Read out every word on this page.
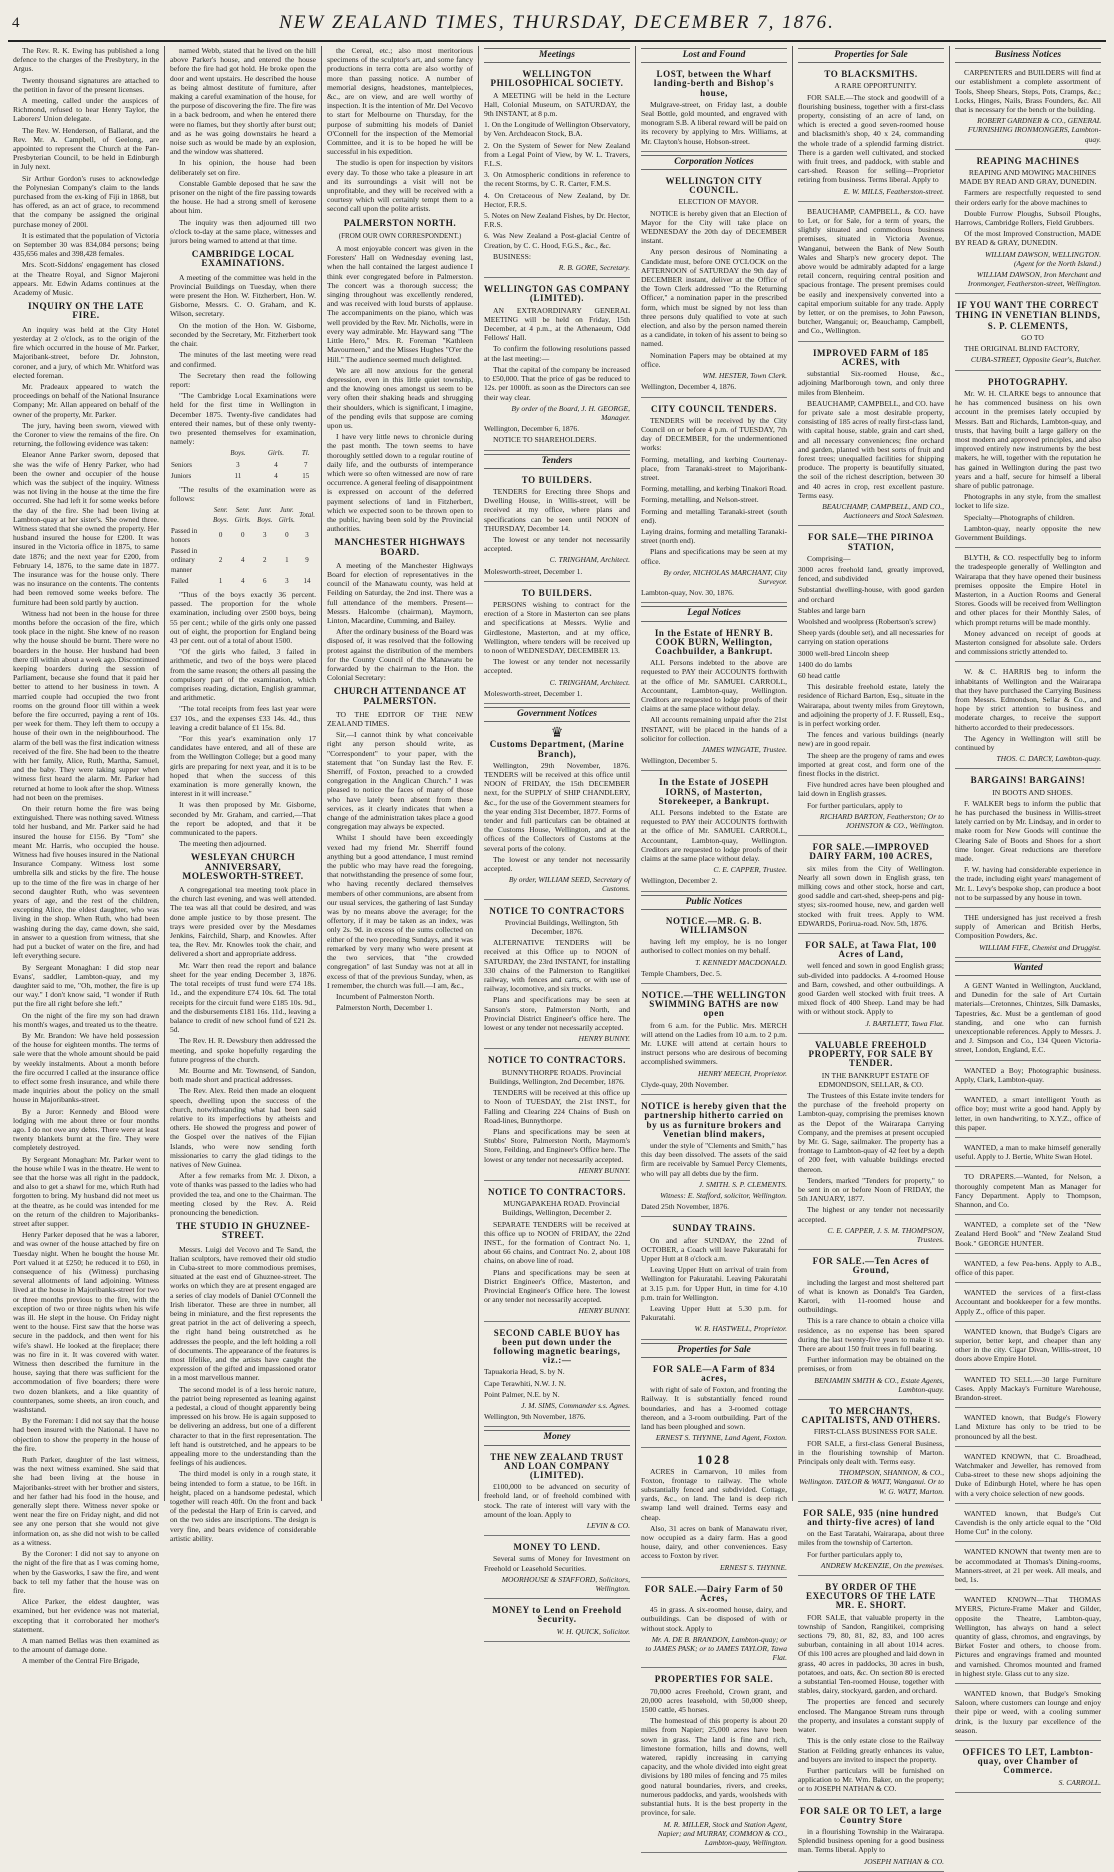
4	NEW ZEALAND TIMES, THURSDAY, DECEMBER 7, 1876.

The Rev. R. K. Ewing has published a long defence to the charges of the Presbytery, in the Argus.

Twenty thousand signatures are attached to the petition in favor of the present licenses.

A meeting, called under the auspices of Richmond, refused to hear Henry Taylor, the Laborers' Union delegate.

The Rev. W. Henderson, of Ballarat, and the Rev. Mr. A. Campbell, of Geelong, are appointed to represent the Church at the Pan-Presbyterian Council, to be held in Edinburgh in July next.

Sir Arthur Gordon's ruses to acknowledge the Polynesian Company's claim to the lands purchased from the ex-king of Fiji in 1868, but has offered, as an act of grace, to recommend that the company be assigned the original purchase money of 200l.

It is estimated that the population of Victoria on September 30 was 834,084 persons; being 435,656 males and 398,428 females.

Mrs. Scott-Siddons' engagement has closed at the Theatre Royal, and Signor Majeroni appears. Mr. Edwin Adams continues at the Academy of Music.

INQUIRY ON THE LATE FIRE.

An inquiry was held at the City Hotel yesterday at 2 o'clock, as to the origin of the fire which occurred in the house of Mr. Parker, Majoribank-street, before Dr. Johnston, coroner, and a jury, of which Mr. Whitford was elected foreman.

Mr. Pradeaux appeared to watch the proceedings on behalf of the National Insurance Company; Mr. Allan appeared on behalf of the owner of the property, Mr. Parker.

The jury, having been sworn, viewed with the Coroner to view the remains of the fire. On returning, the following evidence was taken:

Eleanor Anne Parker sworn, deposed that she was the wife of Henry Parker, who had been the owner and occupier of the house which was the subject of the inquiry. Witness was not living in the house at the time the fire occurred. She had left it for some weeks before the day of the fire. She had been living at Lambton-quay at her sister's. She owned three. Witness stated that she owned the property. Her husband insured the house for £200. It was insured in the Victoria office in 1875, to same date 1876; and the next year for £200, from February 14, 1876, to the same date in 1877. The insurance was for the house only. There was no insurance on the contents. The contents had been removed some weeks before. The furniture had been sold partly by auction.

Witness had not been in the house for three months before the occasion of the fire, which took place in the night. She knew of no reason why the house should be burnt. There were no boarders in the house. Her husband had been there till within about a week ago. Discontinued keeping boarders during the session of Parliament, because she found that it paid her better to attend to her business in town. A married couple had occupied the two front rooms on the ground floor till within a week before the fire occurred, paying a rent of 10s. per week for them. They left them to occupy a house of their own in the neighbourhood. The alarm of the bell was the first indication witness received of the fire. She had been to the theatre with her family, Alice, Ruth, Martha, Samuel, and the baby. They were taking supper when witness first heard the alarm. Mr. Parker had returned at home to look after the shop. Witness had not been on the premises.

On their return home the fire was being extinguished. There was nothing saved. Witness told her husband, and Mr. Parker said he had insured the house for £156. By "Tom" she meant Mr. Harris, who occupied the house. Witness had five houses insured in the National Insurance Company. Witness lost some umbrella silk and sticks by the fire. The house up to the time of the fire was in charge of her second daughter Ruth, who was seventeen years of age, and the rest of the children, excepting Alice, the eldest daughter, who was living in the shop. When Ruth, who had been washing during the day, came down, she said, in answer to a question from witness, that she had put a bucket of water on the fire, and had left everything secure.

By Sergeant Monaghan: I did stop near Evans', saddler, Lambton-quay, and my daughter said to me, "Oh, mother, the fire is up our way." I don't know said, "I wonder if Ruth put the fire all right before she left."

On the night of the fire my son had drawn his month's wages, and treated us to the theatre.

By Mr. Brandon: We have held possession of the house for eighteen months. The terms of sale were that the whole amount should be paid by weekly instalments. About a month before the fire occurred I called at the insurance office to effect some fresh insurance, and while there made inquiries about the policy on the small house in Majoribanks-street.

By a Juror: Kennedy and Blood were lodging with me about three or four months ago. I do not owe any debts. There were at least twenty blankets burnt at the fire. They were completely destroyed.

By Sergeant Monaghan: Mr. Parker went to the house while I was in the theatre. He went to see that the horse was all right in the paddock, and also to get a shawl for me, which Ruth had forgotten to bring. My husband did not meet us at the theatre, as he could was intended for me on the return of the children to Majoribanks-street after supper.

Henry Parker deposed that he was a laborer, and was owner of the house attached by fire on Tuesday night. When he bought the house Mr. Port valued it at £250; he reduced it to £60, in consequence of his (Witness) purchasing several allotments of land adjoining. Witness lived at the house in Majoribanks-street for two or three months previous to the fire, with the exception of two or three nights when his wife was ill. He slept in the house. On Friday night went to the house. First saw that the horse was secure in the paddock, and then went for his wife's shawl. He looked at the fireplace; there was no fire in it. It was covered with water. Witness then described the furniture in the house, saying that there was sufficient for the accommodation of five boarders; there were two dozen blankets, and a like quantity of counterpanes, some sheets, an iron couch, and washstand.

By the Foreman: I did not say that the house had been insured with the National. I have no objection to show the property in the house of the fire.

Ruth Parker, daughter of the last witness, was the next witness examined. She said that she had been living at the house in Majoribanks-street with her brother and sisters, and her father had his food in the house, and generally slept there. Witness never spoke or went near the fire on Friday night, and did not see any one person that she would not give information on, as she did not wish to be called as a witness.

By the Coroner: I did not say to anyone on the night of the fire that as I was coming home, when by the Gasworks, I saw the fire, and went back to tell my father that the house was on fire.

Alice Parker, the eldest daughter, was examined, but her evidence was not material, excepting that it corroborated her mother's statement.

A man named Bellas was then examined as to the amount of damage done.

A member of the Central Fire Brigade,

named Webb, stated that he lived on the hill above Parker's house, and entered the house before the fire had got hold. He broke open the door and went upstairs. He described the house as being almost destitute of furniture, after making a careful examination of the house, for the purpose of discovering the fire. The fire was in a back bedroom, and when he entered there were no flames, but they shortly after burst out; and as he was going downstairs he heard a noise such as would be made by an explosion, and the window was shattered.

In his opinion, the house had been deliberately set on fire.

Constable Gamble deposed that he saw the prisoner on the night of the fire passing towards the house. He had a strong smell of kerosene about him.

The inquiry was then adjourned till two o'clock to-day at the same place, witnesses and jurors being warned to attend at that time.

CAMBRIDGE LOCAL EXAMINATIONS.

A meeting of the committee was held in the Provincial Buildings on Tuesday, when there were present the Hon. W. Fitzherbert, Hon. W. Gisborne, Messrs. C. O. Graham, and K. Wilson, secretary.

On the motion of the Hon. W. Gisborne, seconded by the Secretary, Mr. Fitzherbert took the chair.

The minutes of the last meeting were read and confirmed.

The Secretary then read the following report:

"The Cambridge Local Examinations were held for the first time in Wellington in December 1875. Twenty-five candidates had entered their names, but of these only twenty-two presented themselves for examination, namely:

	Boys.	Girls.	Tl.
Seniors	3	4	7
Juniors	11	4	15

"The results of the examination were as follows:

	Senr. Boys.	Senr. Girls.	Junr. Boys.	Junr. Girls.	Total.
Passed in honors	0	0	3	0	3
Passed in ordinary manner	2	4	2	1	9
Failed	1	4	6	3	14

"Thus of the boys exactly 36 percent. passed. The proportion for the whole examination, including over 2500 boys, being 55 per cent.; while of the girls only one passed out of eight, the proportion for England being 43 per cent. out of a total of about 1500.

"Of the girls who failed, 3 failed in arithmetic, and two of the boys were placed from the same reason; the others all passing the compulsory part of the examination, which comprises reading, dictation, English grammar, and arithmetic.

"The total receipts from fees last year were £37 10s., and the expenses £33 14s. 4d., thus leaving a credit balance of £1 15s. 8d.

"For this year's examination only 17 candidates have entered, and all of these are from the Wellington College; but a good many girls are preparing for next year, and it is to be hoped that when the success of this examination is more generally known, the interest in it will increase."

It was then proposed by Mr. Gisborne, seconded by Mr. Graham, and carried,—That the report be adopted, and that it be communicated to the papers.

The meeting then adjourned.

WESLEYAN CHURCH ANNIVERSARY, MOLESWORTH-STREET.

A congregational tea meeting took place in the church last evening, and was well attended. The tea was all that could be desired, and was done ample justice to by those present. The trays were presided over by the Mesdames Jenkins, Fairchild, Sharp, and Knowles. After tea, the Rev. Mr. Knowles took the chair, and delivered a short and appropriate address.

Mr. Warr then read the report and balance sheet for the year ending December 3, 1876. The total receipts of trust fund were £74 18s. 1d., and the expenditure £74 10s. 6d. The total receipts for the circuit fund were £185 10s. 9d., and the disbursements £181 16s. 11d., leaving a balance to credit of new school fund of £21 2s. 5d.

The Rev. H. R. Dewsbury then addressed the meeting, and spoke hopefully regarding the future progress of the church.

Mr. Bourne and Mr. Townsend, of Sandon, both made short and practical addresses.

The Rev. Alex. Reid then made an eloquent speech, dwelling upon the success of the church, notwithstanding what had been said relative to its imperfections by atheists and others. He showed the progress and power of the Gospel over the natives of the Fijian Islands, who were now sending forth missionaries to carry the glad tidings to the natives of New Guinea.

After a few remarks from Mr. J. Dixon, a vote of thanks was passed to the ladies who had provided the tea, and one to the Chairman. The meeting closed by the Rev. A. Reid pronouncing the benediction.

THE STUDIO IN GHUZNEE-STREET.

Messrs. Luigi del Vecovo and Te Sand, the Italian sculptors, have removed their old studio in Cuba-street to more commodious premises, situated at the east end of Ghuznee-street. The works on which they are at present engaged are a series of clay models of Daniel O'Connell the Irish liberator. These are three in number, all being in miniature, and the first represents the great patriot in the act of delivering a speech, the right hand being outstretched as he addresses the people, and the left holding a roll of documents. The appearance of the features is most lifelike, and the artists have caught the expression of the gifted and impassioned orator in a most marvellous manner.

The second model is of a less heroic nature, the patriot being represented as leaning against a pedestal, a cloud of thought apparently being impressed on his brow. He is again supposed to be delivering an address, but one of a different character to that in the first representation. The left hand is outstretched, and he appears to be appealing more to the understanding than the feelings of his audiences.

The third model is only in a rough state, it being intended to form a statue, to be 16ft. in height, placed on a handsome pedestal, which together will reach 40ft. On the front and back of the pedestal the Harp of Erin is carved, and on the two sides are inscriptions. The design is very fine, and bears evidence of considerable artistic ability.

the Cereal, etc.; also most meritorious specimens of the sculptor's art, and some fancy productions in terra cotta are also worthy of more than passing notice. A number of memorial designs, headstones, mantelpieces, &c., are on view, and are well worthy of inspection. It is the intention of Mr. Del Vecovo to start for Melbourne on Thursday, for the purpose of submitting his models of Daniel O'Connell for the inspection of the Memorial Committee, and it is to be hoped he will be successful in his expedition.

The studio is open for inspection by visitors every day. To those who take a pleasure in art and its surroundings a visit will not be unprofitable, and they will be received with a courtesy which will certainly tempt them to a second call upon the polite artists.

PALMERSTON NORTH.
(FROM OUR OWN CORRESPONDENT.)

A most enjoyable concert was given in the Foresters' Hall on Wednesday evening last, when the hall contained the largest audience I think ever congregated before in Palmerston. The concert was a thorough success; the singing throughout was excellently rendered, and was received with loud bursts of applause. The accompaniments on the piano, which was well provided by the Rev. Mr. Nicholls, were in every way admirable. Mr. Hayward sang "The Little Hero," Mrs. R. Foreman "Kathleen Mavourneen," and the Misses Hughes "O'er the Hill." The audience seemed much delighted.

We are all now anxious for the general depression, even in this little quiet township, and the knowing ones amongst us seem to be very often their shaking heads and shrugging their shoulders, which is significant, I imagine, of the pending evils that suppose are coming upon us.

I have very little news to chronicle during the past month. The town seems to have thoroughly settled down to a regular routine of daily life, and the outbursts of intemperance which were so often witnessed are now of rare occurrence. A general feeling of disappointment is expressed on account of the deferred payment selections of land in Fitzherbert, which we expected soon to be thrown open to the public, having been sold by the Provincial authorities.

MANCHESTER HIGHWAYS BOARD.

A meeting of the Manchester Highways Board for election of representatives in the council of the Manawatu county, was held at Feilding on Saturday, the 2nd inst. There was a full attendance of the members. Present—Messrs. Halcombe (chairman), Maymorn, Linton, Macardine, Cumming, and Bailey.

After the ordinary business of the Board was disposed of, it was resolved that the following protest against the distribution of the members for the County Council of the Manawatu be forwarded by the chairman to the Hon. the Colonial Secretary:

CHURCH ATTENDANCE AT PALMERSTON.

TO THE EDITOR OF THE NEW ZEALAND TIMES.

Sir,—I cannot think by what conceivable right any person should write, as "Correspondent" to your paper, with the statement that "on Sunday last the Rev. F. Sherriff, of Foxton, preached to a crowded congregation in the Anglican Church." I was pleased to notice the faces of many of those who have lately been absent from these services, as it clearly indicates that when a change of the administration takes place a good congregation may always be expected.

Whilst I should have been exceedingly vexed had my friend Mr. Sherriff found anything but a good attendance, I must remind the public who may have read the foregoing, that notwithstanding the presence of some four, who having recently declared themselves members of other communions, are absent from our usual services, the gathering of last Sunday was by no means above the average; for the offertory, if it may be taken as an index, was only 2s. 9d. in excess of the sums collected on either of the two preceding Sundays, and it was remarked by very many who were present at the two services, that "the crowded congregation" of last Sunday was not at all in excess of that of the previous Sunday, when, as I remember, the church was full.—I am, &c.,

Incumbent of Palmerston North.

Palmerston North, December 1.

Meetings
WELLINGTON PHILOSOPHICAL SOCIETY.

A MEETING will be held in the Lecture Hall, Colonial Museum, on SATURDAY, the 9th INSTANT, at 8 p.m.

1. On the Longitude of Wellington Observatory, by Ven. Archdeacon Stock, B.A.

2. On the System of Sewer for New Zealand from a Legal Point of View, by W. L. Travers, F.L.S.

3. On Atmospheric conditions in reference to the recent Storms, by C. R. Carter, F.M.S.

4. On Cretaceous of New Zealand, by Dr. Hector, F.R.S.

5. Notes on New Zealand Fishes, by Dr. Hector, F.R.S.

6. Was New Zealand a Post-glacial Centre of Creation, by C. C. Hood, F.G.S., &c., &c.

BUSINESS:

R. B. GORE, Secretary.

WELLINGTON GAS COMPANY (LIMITED).

AN EXTRAORDINARY GENERAL MEETING will be held on Friday, 15th December, at 4 p.m., at the Athenaeum, Odd Fellows' Hall.

To confirm the following resolutions passed at the last meeting:—

That the capital of the company be increased to £50,000. That the price of gas be reduced to 12s. per 1000ft. as soon as the Directors can see their way clear.

By order of the Board, J. H. GEORGE, Manager.

Wellington, December 6, 1876.

NOTICE TO SHAREHOLDERS.

Tenders
TO BUILDERS.

TENDERS for Erecting three Shops and Dwelling House, in Willis-street, will be received at my office, where plans and specifications can be seen until NOON of THURSDAY, December 14.

The lowest or any tender not necessarily accepted.

C. TRINGHAM, Architect.

Molesworth-street, December 1.

TO BUILDERS.

PERSONS wishing to contract for the erection of a Store in Masterton can see plans and specifications at Messrs. Wylie and Girdlestone, Masterton, and at my office, Wellington, where tenders will be received up to noon of WEDNESDAY, DECEMBER 13.

The lowest or any tender not necessarily accepted.

C. TRINGHAM, Architect.

Molesworth-street, December 1.

Government Notices
♛
Customs Department, (Marine Branch),

Wellington, 29th November, 1876. TENDERS will be received at this office until NOON of FRIDAY, the 15th DECEMBER next, for the SUPPLY of SHIP CHANDLERY, &c., for the use of the Government steamers for the year ending 31st December, 1877. Forms of tender and full particulars can be obtained at the Customs House, Wellington, and at the offices of the Collectors of Customs at the several ports of the colony.

The lowest or any tender not necessarily accepted.

By order, WILLIAM SEED, Secretary of Customs.

NOTICE TO CONTRACTORS

Provincial Buildings, Wellington, 5th December, 1876.

ALTERNATIVE TENDERS will be received at this Office up to NOON of SATURDAY, the 23rd INSTANT, for installing 330 chains of the Palmerston to Rangitikei railway, with fences and carts, or with use of railway, locomotive, and six trucks.

Plans and specifications may be seen at Sanson's store, Palmerston North, and Provincial District Engineer's office here. The lowest or any tender not necessarily accepted.

HENRY BUNNY.

NOTICE TO CONTRACTORS.

BUNNYTHORPE ROADS. Provincial Buildings, Wellington, 2nd December, 1876.

TENDERS will be received at this office up to Noon of TUESDAY, the 21st INST., for Falling and Clearing 224 Chains of Bush on Road-lines, Bunnythorpe.

Plans and specifications may be seen at Stubbs' Store, Palmerston North, Maymorn's Store, Feilding, and Engineer's Office here. The lowest or any tender not necessarily accepted.

HENRY BUNNY.

NOTICE TO CONTRACTORS.

MUNGAPAKEHA ROAD. Provincial Buildings, Wellington, December 2.

SEPARATE TENDERS will be received at this office up to NOON of FRIDAY, the 22nd INST., for the formation of Contract No. 1, about 66 chains, and Contract No. 2, about 108 chains, on above line of road.

Plans and specifications may be seen at District Engineer's Office, Masterton, and Provincial Engineer's Office here. The lowest or any tender not necessarily accepted.

HENRY BUNNY.

SECOND CABLE BUOY has been put down under the following magnetic bearings, viz.:—

Tapuakoria Head, S. by N.

Cape Terawhiti, N.W. J. N.

Point Palmer, N.E. by N.

J. M. SIMS, Commander s.s. Agnes.

Wellington, 9th November, 1876.

Money
THE NEW ZEALAND TRUST AND LOAN COMPANY (LIMITED).

£100,000 to be advanced on security of freehold land, or of freehold combined with stock. The rate of interest will vary with the amount of the loan. Apply to

LEVIN & CO.

MONEY TO LEND.

Several sums of Money for Investment on Freehold or Leasehold Securities.

MOORHOUSE & STAFFORD, Solicitors, Wellington.

MONEY to Lend on Freehold Security.

W. H. QUICK, Solicitor.

Lost and Found
LOST, between the Wharf landing-berth and Bishop's house,

Mulgrave-street, on Friday last, a double Seal Bottle, gold mounted, and engraved with monogram S.B. A liberal reward will be paid on its recovery by applying to Mrs. Williams, at Mr. Clayton's house, Hobson-street.

Corporation Notices
WELLINGTON CITY COUNCIL.

ELECTION OF MAYOR.

NOTICE is hereby given that an Election of Mayor for the City will take place on WEDNESDAY the 20th day of DECEMBER instant.

Any person desirous of Nominating a Candidate must, before ONE O'CLOCK on the AFTERNOON of SATURDAY the 9th day of DECEMBER instant, deliver at the Office of the Town Clerk addressed "To the Returning Officer," a nomination paper in the prescribed form, which must be signed by not less than three persons duly qualified to vote at such election, and also by the person named therein as a candidate, in token of his assent to being so named.

Nomination Papers may be obtained at my office.

WM. HESTER, Town Clerk.

Wellington, December 4, 1876.

CITY COUNCIL TENDERS.

TENDERS will be received by the City Council on or before 4 p.m. of TUESDAY, 7th day of DECEMBER, for the undermentioned works:

Forming, metalling, and kerbing Courtenay-place, from Taranaki-street to Majoribank-street.

Forming, metalling, and kerbing Tinakori Road.

Forming, metalling, and Nelson-street.

Forming and metalling Taranaki-street (south end).

Laying drains, forming and metalling Taranaki-street (north end).

Plans and specifications may be seen at my office.

By order, NICHOLAS MARCHANT, City Surveyor.

Lambton-quay, Nov. 30, 1876.

Legal Notices
In the Estate of HENRY B. COOK BURN, Wellington, Coachbuilder, a Bankrupt.

ALL Persons indebted to the above are requested to PAY their ACCOUNTS forthwith at the office of Mr. SAMUEL CARROLL, Accountant, Lambton-quay, Wellington. Creditors are requested to lodge proofs of their claims at the same place without delay.

All accounts remaining unpaid after the 21st INSTANT, will be placed in the hands of a solicitor for collection.

JAMES WINGATE, Trustee.

Wellington, December 5.

In the Estate of JOSEPH IORNS, of Masterton, Storekeeper, a Bankrupt.

ALL Persons indebted to the Estate are requested to PAY their ACCOUNTS forthwith at the office of Mr. SAMUEL CARROLL, Accountant, Lambton-quay, Wellington. Creditors are requested to lodge proofs of their claims at the same place without delay.

C. E. CAPPER, Trustee.

Wellington, December 2.

Public Notices
NOTICE.—MR. G. B. WILLIAMSON

having left my employ, he is no longer authorised to collect monies on my behalf.

T. KENNEDY MACDONALD.

Temple Chambers, Dec. 5.

NOTICE.—THE WELLINGTON SWIMMING BATHS are now open

from 6 a.m. for the Public. Mrs. MERCH will attend on the Ladies from 10 a.m. to 2 p.m. Mr. LUKE will attend at certain hours to instruct persons who are desirous of becoming accomplished swimmers.

HENRY MEECH, Proprietor.

Clyde-quay, 20th November.

NOTICE is hereby given that the partnership hitherto carried on by us as furniture brokers and Venetian blind makers,

under the style of "Clements and Smith," has this day been dissolved. The assets of the said firm are receivable by Samuel Percy Clements, who will pay all debts due by the firm.

J. SMITH. S. P. CLEMENTS.

Witness: E. Stafford, solicitor, Wellington.

Dated 25th November, 1876.

SUNDAY TRAINS.

On and after SUNDAY, the 22nd of OCTOBER, a Coach will leave Pakuratahi for Upper Hutt at 8 o'clock a.m.

Leaving Upper Hutt on arrival of train from Wellington for Pakuratahi. Leaving Pakuratahi at 3.15 p.m. for Upper Hutt, in time for 4.10 p.m. train for Wellington.

Leaving Upper Hutt at 5.30 p.m. for Pakuratahi.

W. R. HASTWELL, Proprietor.

Properties for Sale
FOR SALE—A Farm of 834 acres,

with right of sale of Foxton, and fronting the Railway. It is substantially fenced round boundaries, and has a 3-roomed cottage thereon, and a 3-room outbuilding. Part of the land has been ploughed and sown.

ERNEST S. THYNNE, Land Agent, Foxton.

1028

ACRES in Carnarvon, 10 miles from Foxton, frontage to railway. The whole substantially fenced and subdivided. Cottage, yards, &c., on land. The land is deep rich swamp land well drained. Terms easy and cheap.

Also, 31 acres on bank of Manawatu river, now occupied as a dairy farm. Has a good house, dairy, and other conveniences. Easy access to Foxton by river.

ERNEST S. THYNNE.

FOR SALE.—Dairy Farm of 50 Acres,

45 in grass. A six-roomed house, dairy, and outbuildings. Can be disposed of with or without stock. Apply to

Mr. A. DE B. BRANDON, Lambton-quay; or to JAMES PASK; or to JAMES TAYLOR, Tawa Flat.

PROPERTIES FOR SALE.

70,000 acres Freehold, Crown grant, and 20,000 acres leasehold, with 50,000 sheep, 1500 cattle, 45 horses.

The homestead of this property is about 20 miles from Napier; 25,000 acres have been sown in grass. The land is fine and rich, limestone formation, hills and downs, well watered, rapidly increasing in carrying capacity, and the whole divided into eight great divisions by 180 miles of fencing and 75 miles good natural boundaries, rivers, and creeks, numerous paddocks, and yards, woolsheds with substantial huts. It is the best property in the province, for sale.

M. R. MILLER, Stock and Station Agent, Napier; and MURRAY, COMMON & CO., Lambton-quay, Wellington.

Properties for Sale
TO BLACKSMITHS.

A RARE OPPORTUNITY.

FOR SALE.—The stock and goodwill of a flourishing business, together with a first-class property, consisting of an acre of land, on which is erected a good seven-roomed house and blacksmith's shop, 40 x 24, commanding the whole trade of a splendid farming district. There is a garden well cultivated, and stocked with fruit trees, and paddock, with stable and cart-shed. Reason for selling—Proprietor retiring from business. Terms liberal. Apply to

E. W. MILLS, Featherston-street.

BEAUCHAMP, CAMPBELL, & CO. have to Let, or for Sale, for a term of years, the slightly situated and commodious business premises, situated in Victoria Avenue, Wanganui, between the Bank of New South Wales and Sharp's new grocery depot. The above would be admirably adapted for a large retail concern, requiring central position and spacious frontage. The present premises could be easily and inexpensively converted into a capital emporium suitable for any trade. Apply by letter, or on the premises, to John Pawson, butcher, Wanganui; or, Beauchamp, Campbell, and Co., Wellington.

IMPROVED FARM of 185 ACRES, with

substantial Six-roomed House, &c., adjoining Marlborough town, and only three miles from Blenheim.

BEAUCHAMP, CAMPBELL, and CO. have for private sale a most desirable property, consisting of 185 acres of really first-class land, with capital house, stable, grain and cart shed, and all necessary conveniences; fine orchard and garden, planted with best sorts of fruit and forest trees; unequalled facilities for shipping produce. The property is beautifully situated, the soil of the richest description, between 30 and 40 acres in crop, rest excellent pasture. Terms easy.

BEAUCHAMP, CAMPBELL, AND CO., Auctioneers and Stock Salesmen.

FOR SALE—THE PIRINOA STATION,

Comprising—

3000 acres freehold land, greatly improved, fenced, and subdivided

Substantial dwelling-house, with good garden and orchard

Stables and large barn

Woolshed and woolpress (Robertson's screw)

Sheep yards (double set), and all necessaries for carrying on station operations

3000 well-bred Lincoln sheep

1400 do do lambs

60 head cattle

This desirable freehold estate, lately the residence of Richard Barton, Esq., situate in the Wairarapa, about twenty miles from Greytown, and adjoining the property of J. F. Russell, Esq., is in perfect working order.

The fences and various buildings (nearly new) are in good repair.

The sheep are the progeny of rams and ewes imported at great cost, and form one of the finest flocks in the district.

Five hundred acres have been ploughed and laid down in English grasses.

For further particulars, apply to

RICHARD BARTON, Featherston; Or to JOHNSTON & CO., Wellington.

FOR SALE.—IMPROVED DAIRY FARM, 100 ACRES,

six miles from the City of Wellington. Nearly all sown down in English grass, ten milking cows and other stock, horse and cart, good saddle and cart-shed, sheep-pens and pig-styes; six-roomed house, new, and garden well stocked with fruit trees. Apply to WM. EDWARDS, Porirua-road. Nov. 5th, 1876.

FOR SALE, at Tawa Flat, 100 Acres of Land,

well fenced and sown in good English grass; sub-divided into paddocks. A 4-roomed House and Barn, cowshed, and other outbuildings. A good Garden well stocked with fruit trees. A mixed flock of 400 Sheep. Land may be had with or without stock. Apply to

J. BARTLETT, Tawa Flat.

VALUABLE FREEHOLD PROPERTY, FOR SALE BY TENDER.

IN THE BANKRUPT ESTATE OF EDMONDSON, SELLAR, & CO.

The Trustees of this Estate invite tenders for the purchase of the freehold property on Lambton-quay, comprising the premises known as the Depot of the Wairarapa Carrying Company, and the premises at present occupied by Mr. G. Sage, sailmaker. The property has a frontage to Lambton-quay of 42 feet by a depth of 200 feet, with valuable buildings erected thereon.

Tenders, marked "Tenders for property," to be sent in on or before Noon of FRIDAY, the 5th JANUARY, 1877.

The highest or any tender not necessarily accepted.

C. E. CAPPER, J. S. M. THOMPSON, Trustees.

FOR SALE.—Ten Acres of Ground,

including the largest and most sheltered part of what is known as Donald's Tea Garden, Karori, with 11-roomed house and outbuildings.

This is a rare chance to obtain a choice villa residence, as no expense has been spared during the last twenty-five years to make it so. There are about 150 fruit trees in full bearing.

Further information may be obtained on the premises, or from

BENJAMIN SMITH & CO., Estate Agents, Lambton-quay.

TO MERCHANTS, CAPITALISTS, AND OTHERS.

FIRST-CLASS BUSINESS FOR SALE.

FOR SALE, a first-class General Business, in the flourishing township of Marton. Principals only dealt with. Terms easy.

THOMPSON, SHANNON, & CO., Wellington. TAYLOR & WATT, Wanganui. Or to W. G. WATT, Marton.

FOR SALE, 935 (nine hundred and thirty-five acres) of land

on the East Taratahi, Wairarapa, about three miles from the township of Carterton.

For further particulars apply to,

ANDREW McKENZIE, On the premises.

BY ORDER OF THE EXECUTORS OF THE LATE MR. E. SHORT.

FOR SALE, that valuable property in the township of Sandon, Rangitikei, comprising sections 79, 80, 81, 82, 83, and 100 acres suburban, containing in all about 1014 acres. Of this 100 acres are ploughed and laid down in grass, 40 acres in paddocks, 30 acres in bush, potatoes, and oats, &c. On section 80 is erected a substantial Ten-roomed House, together with stables, dairy, stockyard, garden, and orchard.

The properties are fenced and securely enclosed. The Manganoe Stream runs through the property, and insulates a constant supply of water.

This is the only estate close to the Railway Station at Feilding greatly enhances its value, and buyers are invited to inspect the property.

Further particulars will be furnished on application to Mr. Wm. Baker, on the property; or to JOSEPH NATHAN & CO.

FOR SALE OR TO LET, a large Country Store

in a flourishing Township in the Wairarapa. Splendid business opening for a good business man. Terms liberal. Apply to

JOSEPH NATHAN & CO.

Business Notices

CARPENTERS and BUILDERS will find at our establishment a complete assortment of Tools, Sheep Shears, Steps, Pots, Cramps, &c.; Locks, Hinges, Nails, Brass Founders, &c. All that is necessary for the bench or the building.

ROBERT GARDNER & CO., GENERAL FURNISHING IRONMONGERS, Lambton-quay.

REAPING MACHINES

REAPING AND MOWING MACHINES MADE BY READ AND GRAY, DUNEDIN.

Farmers are respectfully requested to send their orders early for the above machines to

Double Furrow Ploughs, Subsoil Ploughs, Harrows, Cambridge Rollers, Field Grubbers.

Of the most Improved Construction, MADE BY READ & GRAY, DUNEDIN.

WILLIAM DAWSON, WELLINGTON. (Agent for the North Island.)

WILLIAM DAWSON, Iron Merchant and Ironmonger, Featherston-street, Wellington.

IF YOU WANT THE CORRECT THING IN VENETIAN BLINDS,
S. P. CLEMENTS,

GO TO

THE ORIGINAL BLIND FACTORY,

CUBA-STREET, Opposite Gear's, Butcher.

PHOTOGRAPHY.

Mr. W. H. CLARKE begs to announce that he has commenced business on his own account in the premises lately occupied by Messrs. Batt and Richards, Lambton-quay, and trusts, that having built a large gallery on the most modern and approved principles, and also improved entirely new instruments by the best makers, he will, together with the reputation he has gained in Wellington during the past two years and a half, secure for himself a liberal share of public patronage.

Photographs in any style, from the smallest locket to life size.

Specialty—Photographs of children.

Lambton-quay, nearly opposite the new Government Buildings.

BLYTH, & CO. respectfully beg to inform the tradespeople generally of Wellington and Wairarapa that they have opened their business premises opposite the Empire Hotel in Masterton, in a Auction Rooms and General Stores. Goods will be received from Wellington and other places for their Monthly Sales, of which prompt returns will be made monthly.

Money advanced on receipt of goods at Masterton consigned for absolute sale. Orders and commissions strictly attended to.

W. & C. HARRIS beg to inform the inhabitants of Wellington and the Wairarapa that they have purchased the Carrying Business from Messrs. Edmondson, Sellar & Co., and hope by strict attention to business and moderate charges, to receive the support hitherto accorded to their predecessors.

The Agency in Wellington will still be continued by

THOS. C. DARCY, Lambton-quay.

BARGAINS! BARGAINS!

IN BOOTS AND SHOES.

F. WALKER begs to inform the public that he has purchased the business in Willis-street lately carried on by Mr. Lindsay, and in order to make room for New Goods will continue the Clearing Sale of Boots and Shoes for a short time longer. Great reductions are therefore made.

F. W. having had considerable experience in the trade, including eight years' management of Mr. L. Levy's bespoke shop, can produce a boot not to be surpassed by any house in town.

THE undersigned has just received a fresh supply of American and British Herbs, Composition Powders, &c.

WILLIAM FIFE, Chemist and Druggist.

Wanted

A GENT Wanted in Wellington, Auckland, and Dunedin for the sale of Art Curtain materials—Cretonnes, Chintzes, Silk Damasks, Tapestries, &c. Must be a gentleman of good standing, and one who can furnish unexceptionable references. Apply to Messrs. J. and J. Simpson and Co., 134 Queen Victoria-street, London, England, E.C.

WANTED a Boy; Photographic business. Apply, Clark, Lambton-quay.

WANTED, a smart intelligent Youth as office boy; must write a good hand. Apply by letter, in own handwriting, to X.Y.Z., office of this paper.

WANTED, a man to make himself generally useful. Apply to J. Bertie, White Swan Hotel.

TO DRAPERS.—Wanted, for Nelson, a thoroughly competent Man as Manager for Fancy Department. Apply to Thompson, Shannon, and Co.

WANTED, a complete set of the "New Zealand Herd Book" and "New Zealand Stud Book." GEORGE HUNTER.

WANTED, a few Pea-hens. Apply to A.B., office of this paper.

WANTED the services of a first-class Accountant and bookkeeper for a few months. Apply Z., office of this paper.

WANTED known, that Budge's Cigars are superior, better kept, and cheaper than any other in the city. Cigar Divan, Willis-street, 10 doors above Empire Hotel.

WANTED TO SELL.—30 large Furniture Cases. Apply Mackay's Furniture Warehouse, Brandon-street.

WANTED known, that Budge's Flowery Land Mixture has only to be tried to be pronounced by all the best.

WANTED KNOWN, that C. Broadhead, Watchmaker and Jeweller, has removed from Cuba-street to these new shops adjoining the Duke of Edinburgh Hotel, where he has open with a very choice selection of new goods.

WANTED known, that Budge's Cut Cavendish is the only article equal to the "Old Home Cut" in the colony.

WANTED KNOWN that twenty men are to be accommodated at Thomas's Dining-rooms, Manners-street, at 21 per week. All meals, and bed, 1s.

WANTED KNOWN—That THOMAS MYERS, Picture-Frame Maker and Gilder, opposite the Theatre, Lambton-quay, Wellington, has always on hand a select quantity of glass, chromos, and engravings, by Birket Foster and others, to choose from. Pictures and engravings framed and mounted and varnished. Chromos mounted and framed in highest style. Glass cut to any size.

WANTED known, that Budge's Smoking Saloon, where customers can lounge and enjoy their pipe or weed, with a cooling summer drink, is the luxury par excellence of the season.

OFFICES TO LET, Lambton-quay, over Chamber of Commerce.

S. CARROLL.
